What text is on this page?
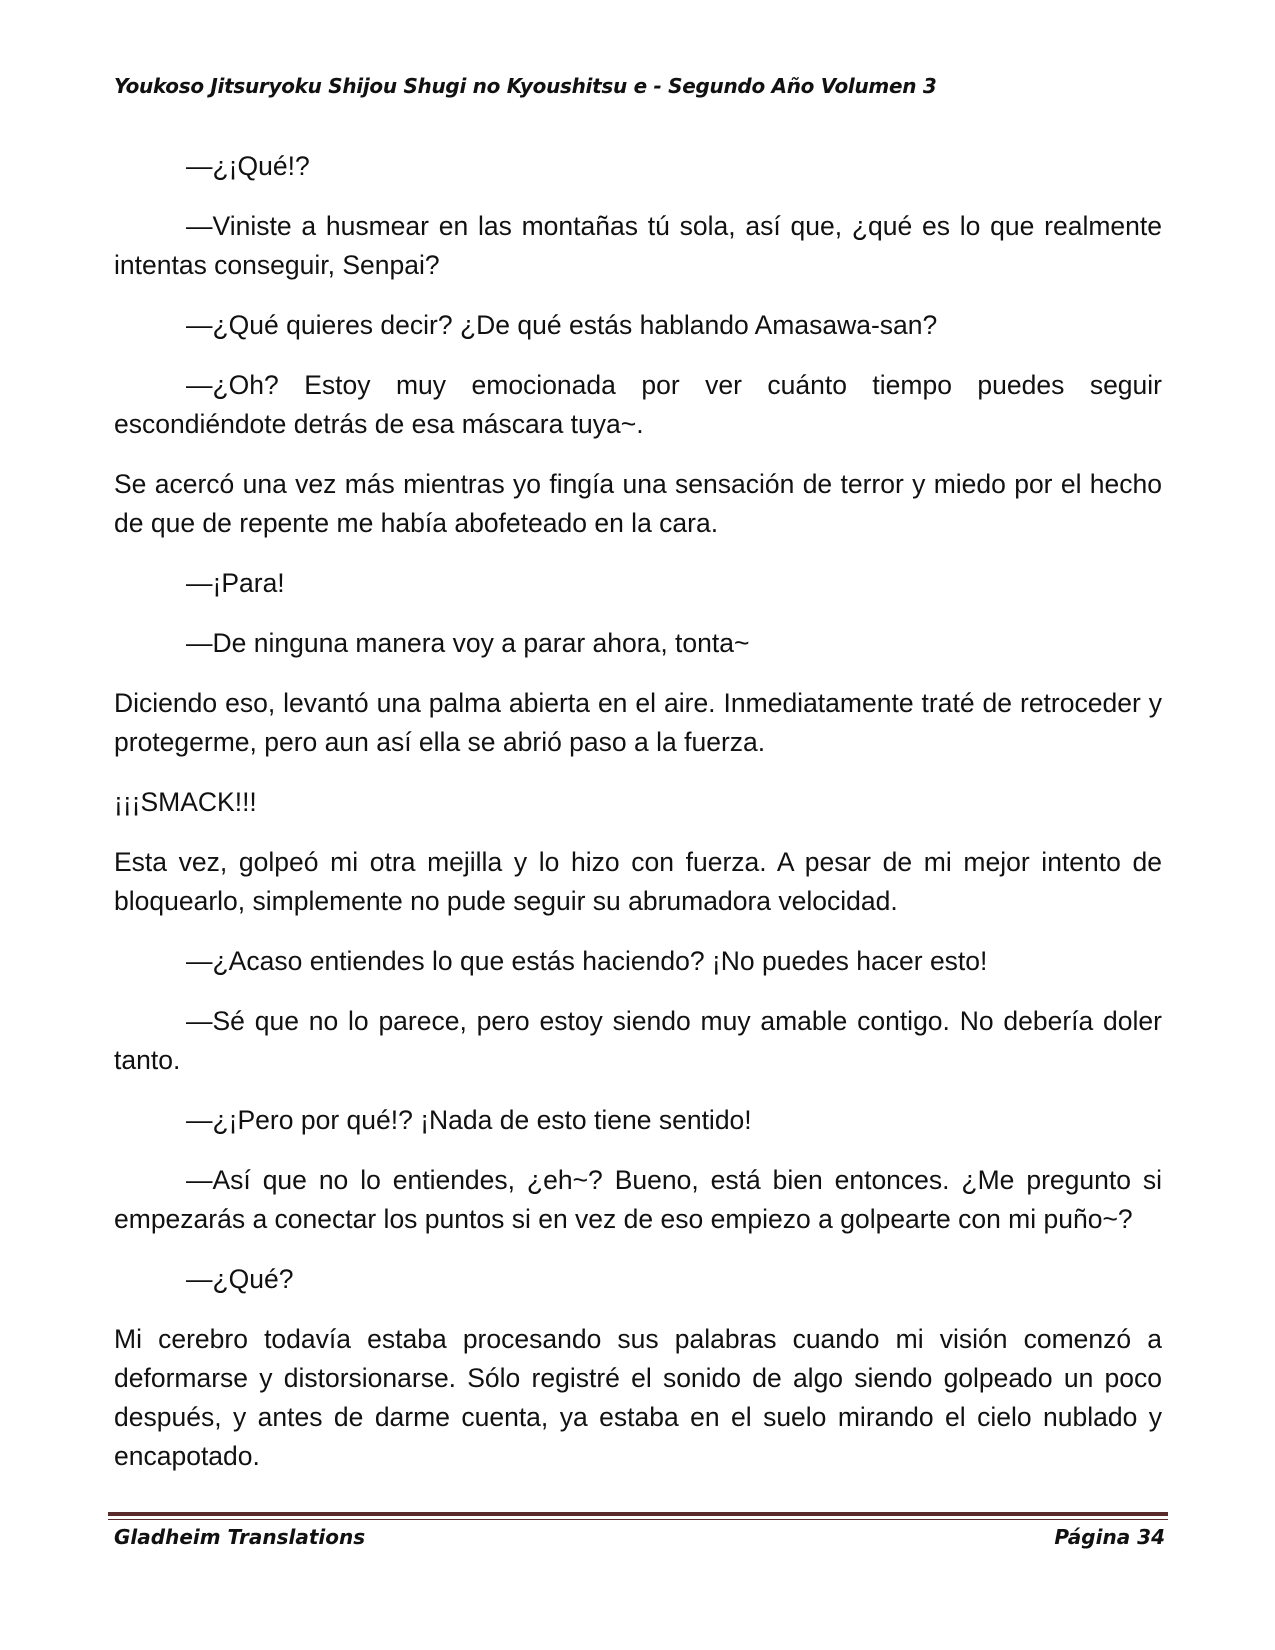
Youkoso Jitsuryoku Shijou Shugi no Kyoushitsu e - Segundo Año Volumen 3

—¿¡Qué!?

—Viniste a husmear en las montañas tú sola, así que, ¿qué es lo que realmente intentas conseguir, Senpai?

—¿Qué quieres decir? ¿De qué estás hablando Amasawa-san?

—¿Oh? Estoy muy emocionada por ver cuánto tiempo puedes seguir escondiéndote detrás de esa máscara tuya~.

Se acercó una vez más mientras yo fingía una sensación de terror y miedo por el hecho de que de repente me había abofeteado en la cara.

—¡Para!

—De ninguna manera voy a parar ahora, tonta~

Diciendo eso, levantó una palma abierta en el aire. Inmediatamente traté de retroceder y protegerme, pero aun así ella se abrió paso a la fuerza.

¡¡¡SMACK!!!

Esta vez, golpeó mi otra mejilla y lo hizo con fuerza. A pesar de mi mejor intento de bloquearlo, simplemente no pude seguir su abrumadora velocidad.

—¿Acaso entiendes lo que estás haciendo? ¡No puedes hacer esto!

—Sé que no lo parece, pero estoy siendo muy amable contigo. No debería doler tanto.

—¿¡Pero por qué!? ¡Nada de esto tiene sentido!

—Así que no lo entiendes, ¿eh~? Bueno, está bien entonces. ¿Me pregunto si empezarás a conectar los puntos si en vez de eso empiezo a golpearte con mi puño~?

—¿Qué?

Mi cerebro todavía estaba procesando sus palabras cuando mi visión comenzó a deformarse y distorsionarse. Sólo registré el sonido de algo siendo golpeado un poco después, y antes de darme cuenta, ya estaba en el suelo mirando el cielo nublado y encapotado.

Gladheim Translations	Página 34
